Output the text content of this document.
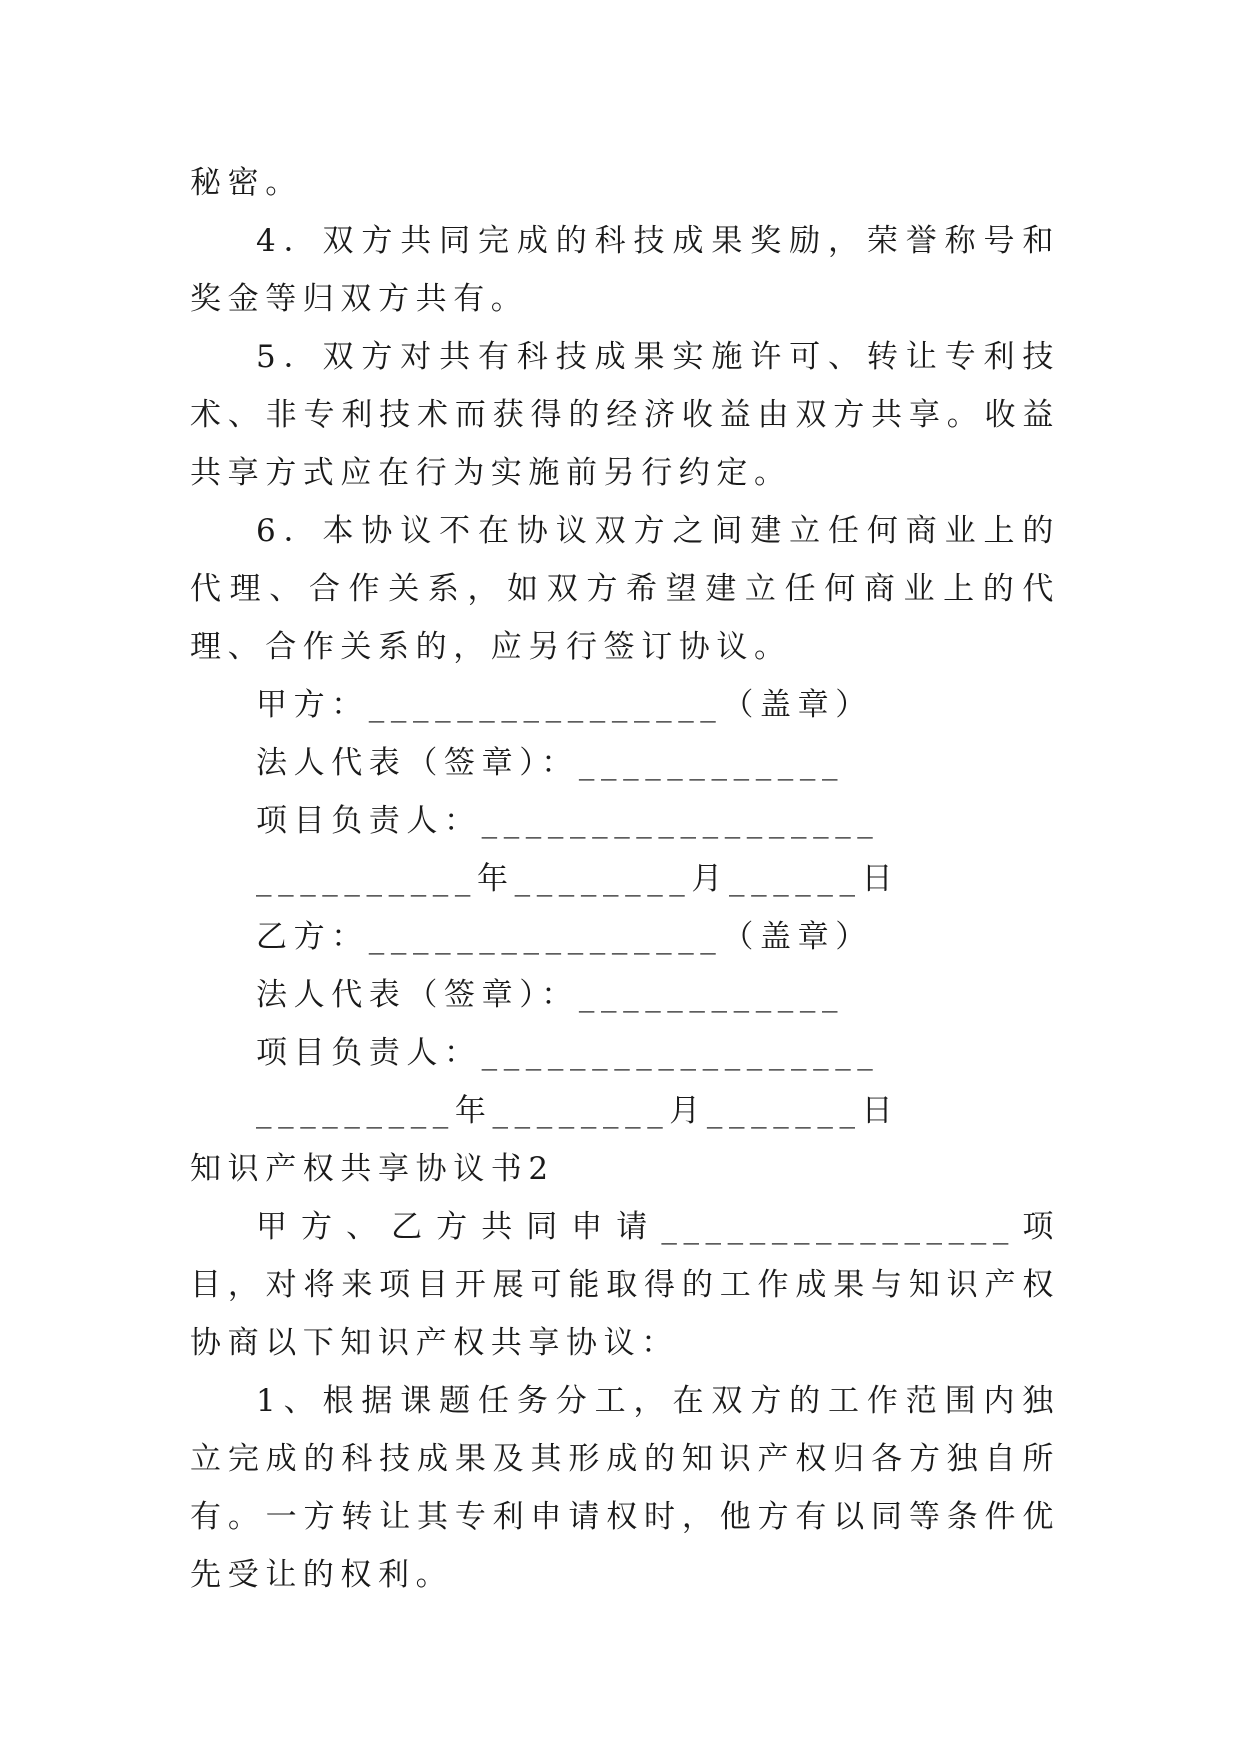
秘密。

4．双方共同完成的科技成果奖励，荣誉称号和奖金等归双方共有。

5．双方对共有科技成果实施许可、转让专利技术、非专利技术而获得的经济收益由双方共享。收益共享方式应在行为实施前另行约定。

6．本协议不在协议双方之间建立任何商业上的代理、合作关系，如双方希望建立任何商业上的代理、合作关系的，应另行签订协议。

甲方：________________（盖章）

法人代表（签章）：____________

项目负责人：__________________

__________年________月______日

乙方：________________（盖章）

法人代表（签章）：____________

项目负责人：__________________

_________年________月_______日

知识产权共享协议书2

甲方、乙方共同申请________________项目，对将来项目开展可能取得的工作成果与知识产权协商以下知识产权共享协议：

1、根据课题任务分工，在双方的工作范围内独立完成的科技成果及其形成的知识产权归各方独自所有。一方转让其专利申请权时，他方有以同等条件优先受让的权利。
